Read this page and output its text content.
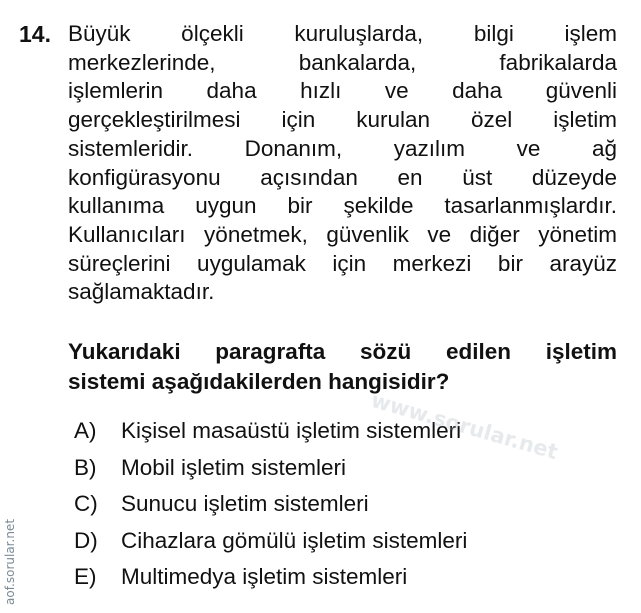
14. Büyük ölçekli kuruluşlarda, bilgi işlem
merkezlerinde, bankalarda, fabrikalarda
işlemlerin daha hızlı ve daha güvenli
gerçekleştirilmesi için kurulan özel işletim
sistemleridir. Donanım, yazılım ve ağ
konfigürasyonu açısından en üst düzeyde
kullanıma uygun bir şekilde tasarlanmışlardır.
Kullanıcıları yönetmek, güvenlik ve diğer yönetim
süreçlerini uygulamak için merkezi bir arayüz
sağlamaktadır.
Yukarıdaki paragrafta sözü edilen işletim
sistemi aşağıdakilerden hangisidir?
A)	Kişisel masaüstü işletim sistemleri
B)	Mobil işletim sistemleri
C)	Sunucu işletim sistemleri
D)	Cihazlara gömülü işletim sistemleri
E)	Multimedya işletim sistemleri
www.sorular.net
aof.sorular.net
